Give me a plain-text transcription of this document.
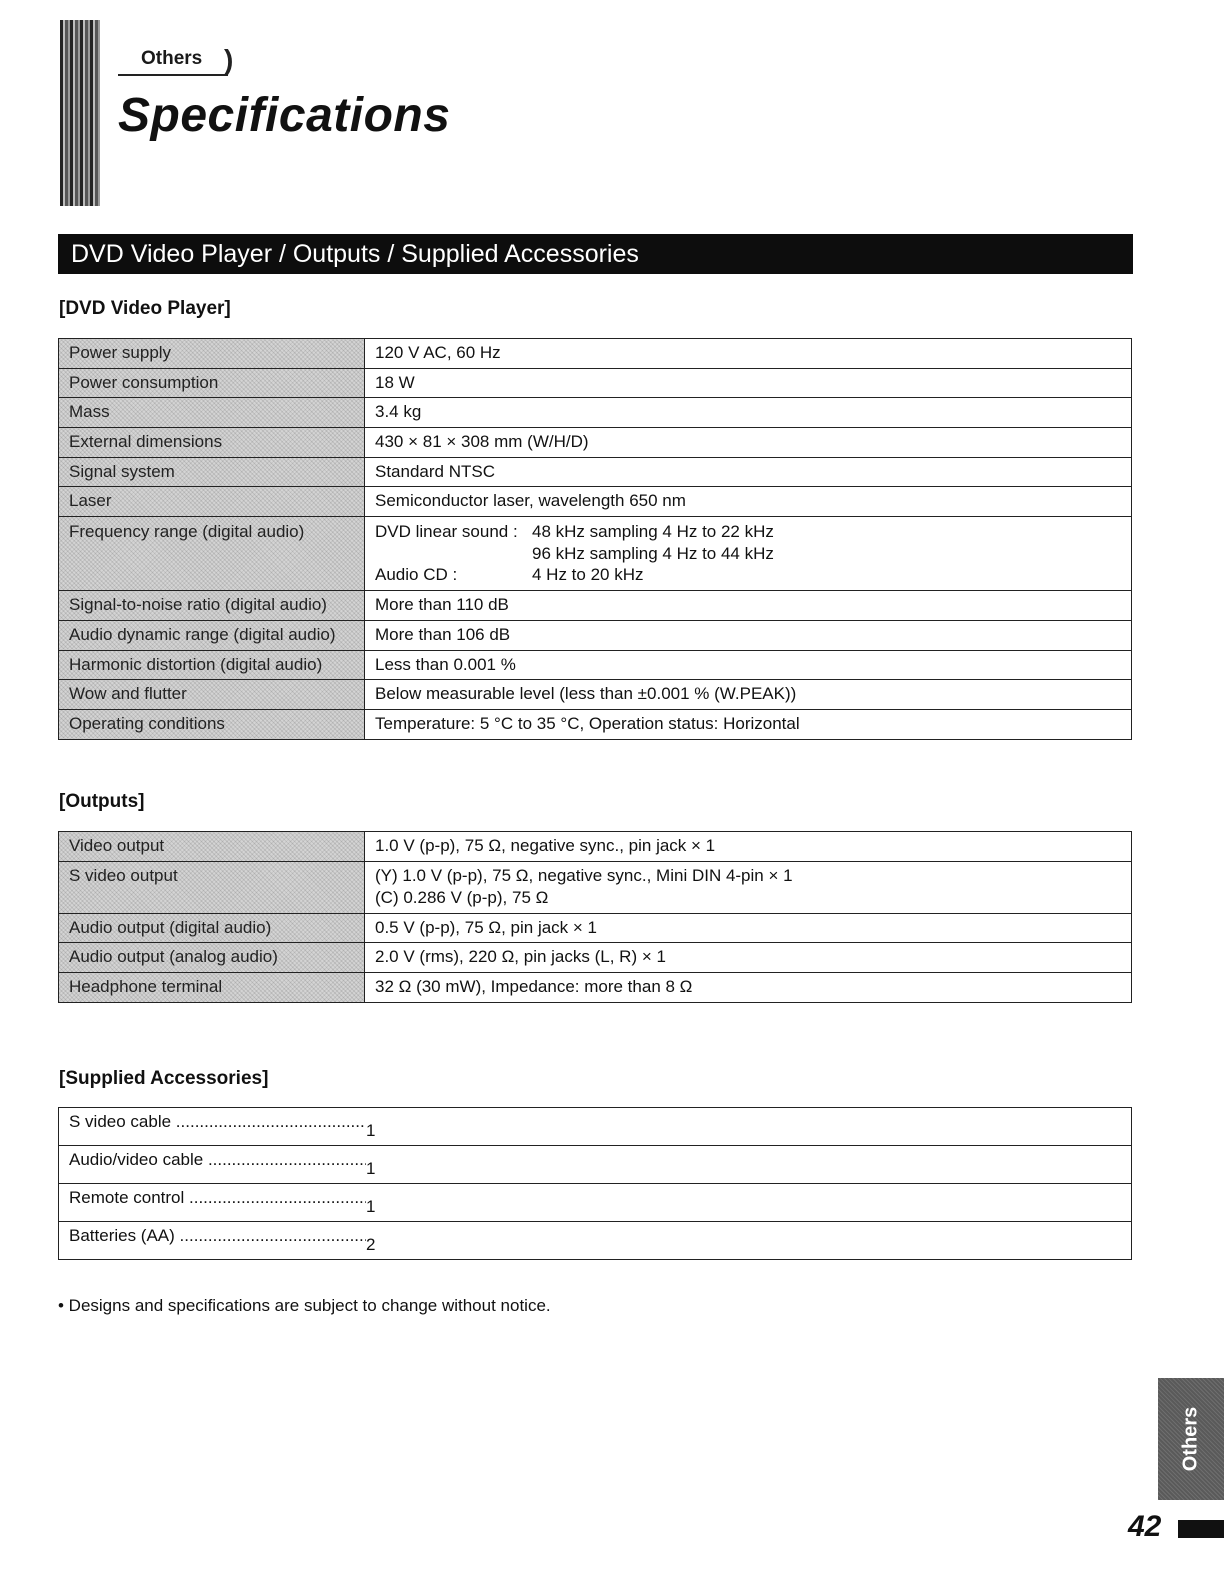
Others )
Specifications
DVD Video Player / Outputs / Supplied Accessories
[DVD Video Player]
Power supply	120 V AC, 60 Hz
Power consumption	18 W
Mass	3.4 kg
External dimensions	430 × 81 × 308 mm (W/H/D)
Signal system	Standard NTSC
Laser	Semiconductor laser, wavelength 650 nm
Frequency range (digital audio)	DVD linear sound : 48 kHz sampling 4 Hz to 22 kHz
96 kHz sampling 4 Hz to 44 kHz
Audio CD : 4 Hz to 20 kHz

Signal-to-noise ratio (digital audio)	More than 110 dB
Audio dynamic range (digital audio)	More than 106 dB
Harmonic distortion (digital audio)	Less than 0.001 %
Wow and flutter	Below measurable level (less than ±0.001 % (W.PEAK))
Operating conditions	Temperature: 5 °C to 35 °C, Operation status: Horizontal
[Outputs]
Video output	1.0 V (p-p), 75 Ω, negative sync., pin jack × 1
S video output	(Y) 1.0 V (p-p), 75 Ω, negative sync., Mini DIN 4-pin × 1
(C) 0.286 V (p-p), 75 Ω

Audio output (digital audio)	0.5 V (p-p), 75 Ω, pin jack × 1
Audio output (analog audio)	2.0 V (rms), 220 Ω, pin jacks (L, R) × 1
Headphone terminal	32 Ω (30 mW), Impedance: more than 8 Ω
[Supplied Accessories]
S video cable .....	1
Audio/video cable .....	1
Remote control .....	1
Batteries (AA) .....	2
• Designs and specifications are subject to change without notice.
Others
42
